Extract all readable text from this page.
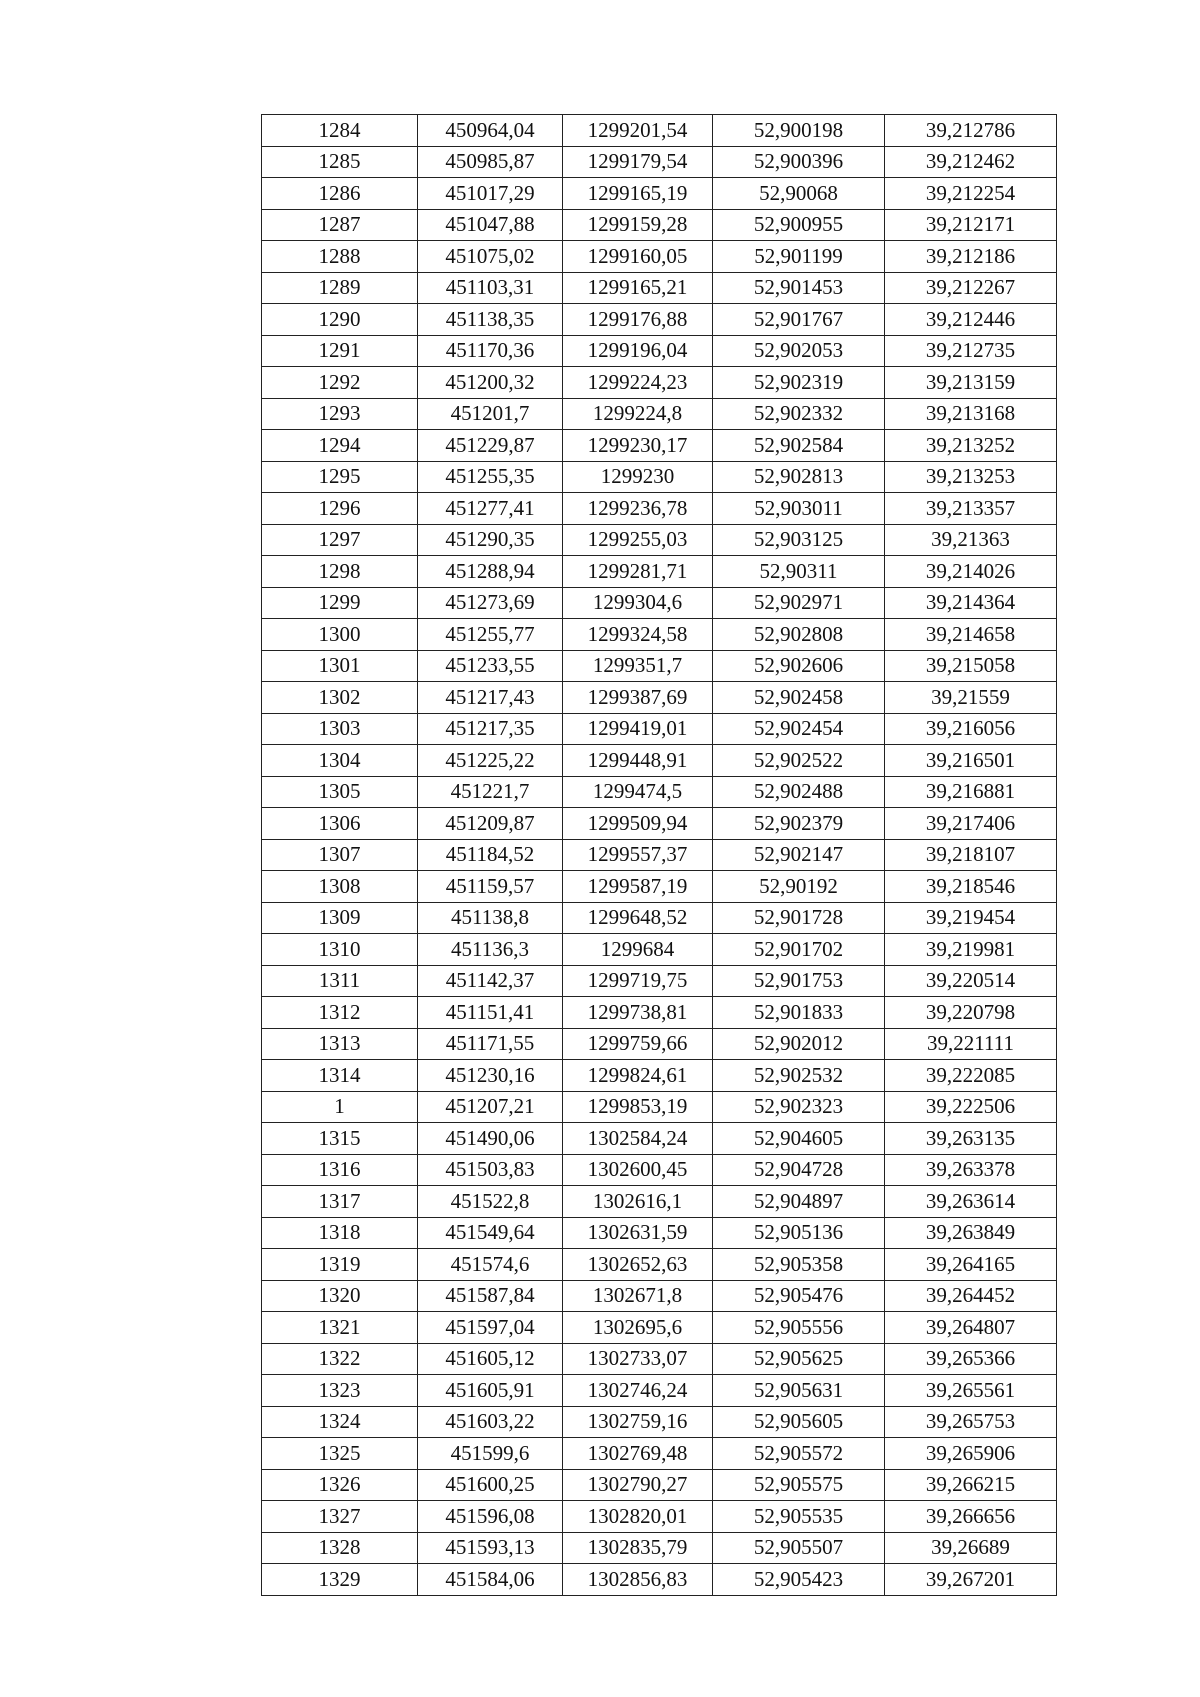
1284	450964,04	1299201,54	52,900198	39,212786
1285	450985,87	1299179,54	52,900396	39,212462
1286	451017,29	1299165,19	52,90068	39,212254
1287	451047,88	1299159,28	52,900955	39,212171
1288	451075,02	1299160,05	52,901199	39,212186
1289	451103,31	1299165,21	52,901453	39,212267
1290	451138,35	1299176,88	52,901767	39,212446
1291	451170,36	1299196,04	52,902053	39,212735
1292	451200,32	1299224,23	52,902319	39,213159
1293	451201,7	1299224,8	52,902332	39,213168
1294	451229,87	1299230,17	52,902584	39,213252
1295	451255,35	1299230	52,902813	39,213253
1296	451277,41	1299236,78	52,903011	39,213357
1297	451290,35	1299255,03	52,903125	39,21363
1298	451288,94	1299281,71	52,90311	39,214026
1299	451273,69	1299304,6	52,902971	39,214364
1300	451255,77	1299324,58	52,902808	39,214658
1301	451233,55	1299351,7	52,902606	39,215058
1302	451217,43	1299387,69	52,902458	39,21559
1303	451217,35	1299419,01	52,902454	39,216056
1304	451225,22	1299448,91	52,902522	39,216501
1305	451221,7	1299474,5	52,902488	39,216881
1306	451209,87	1299509,94	52,902379	39,217406
1307	451184,52	1299557,37	52,902147	39,218107
1308	451159,57	1299587,19	52,90192	39,218546
1309	451138,8	1299648,52	52,901728	39,219454
1310	451136,3	1299684	52,901702	39,219981
1311	451142,37	1299719,75	52,901753	39,220514
1312	451151,41	1299738,81	52,901833	39,220798
1313	451171,55	1299759,66	52,902012	39,221111
1314	451230,16	1299824,61	52,902532	39,222085
1	451207,21	1299853,19	52,902323	39,222506
1315	451490,06	1302584,24	52,904605	39,263135
1316	451503,83	1302600,45	52,904728	39,263378
1317	451522,8	1302616,1	52,904897	39,263614
1318	451549,64	1302631,59	52,905136	39,263849
1319	451574,6	1302652,63	52,905358	39,264165
1320	451587,84	1302671,8	52,905476	39,264452
1321	451597,04	1302695,6	52,905556	39,264807
1322	451605,12	1302733,07	52,905625	39,265366
1323	451605,91	1302746,24	52,905631	39,265561
1324	451603,22	1302759,16	52,905605	39,265753
1325	451599,6	1302769,48	52,905572	39,265906
1326	451600,25	1302790,27	52,905575	39,266215
1327	451596,08	1302820,01	52,905535	39,266656
1328	451593,13	1302835,79	52,905507	39,26689
1329	451584,06	1302856,83	52,905423	39,267201
